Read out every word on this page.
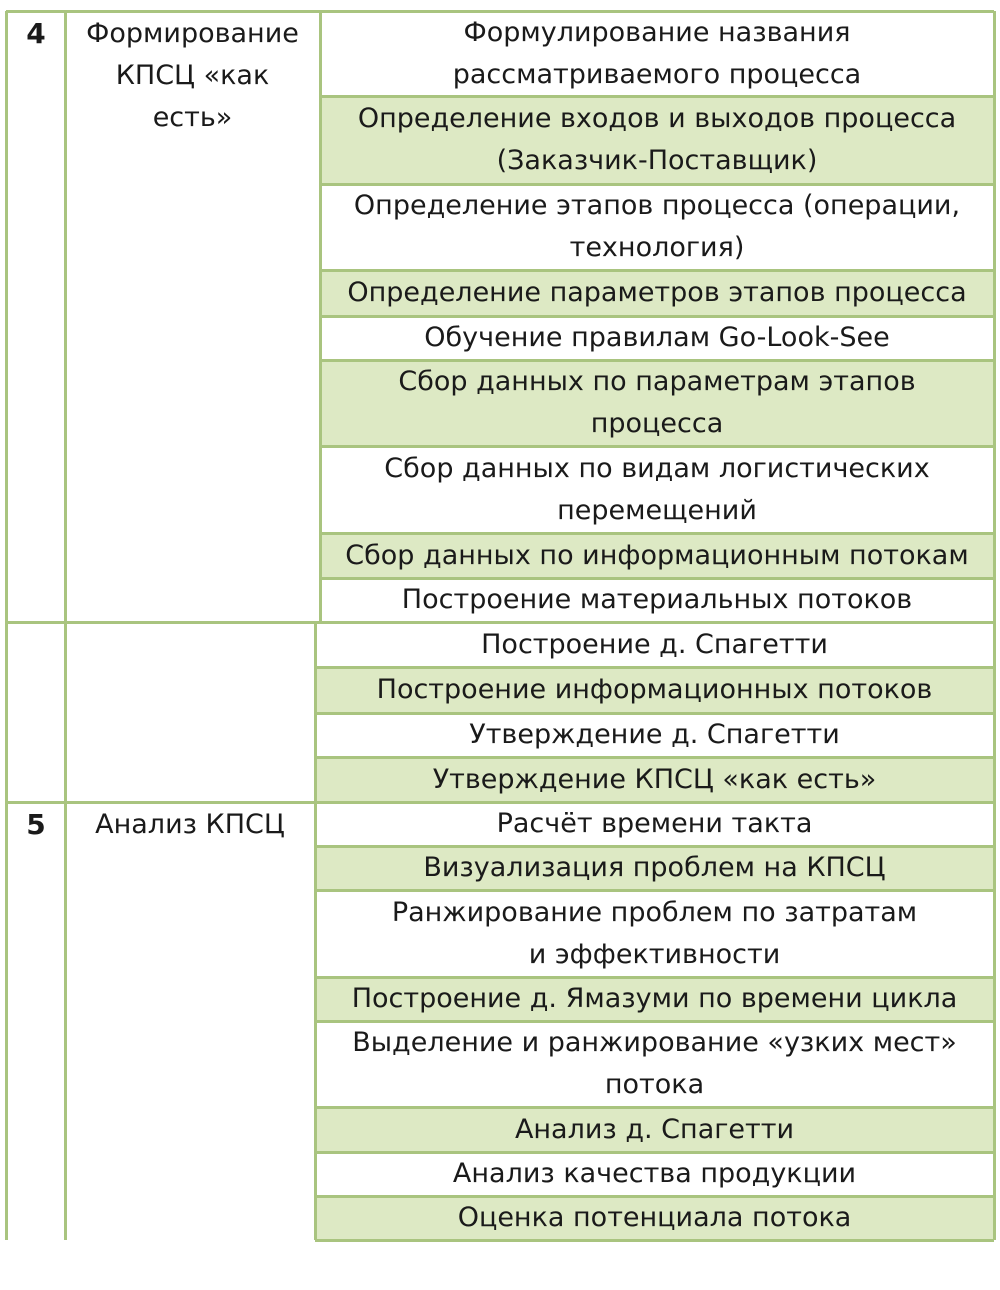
Формулирование названия
рассматриваемого процесса
Определение входов и выходов процесса
(Заказчик-Поставщик)
Определение этапов процесса (операции,
технология)
Определение параметров этапов процесса
Обучение правилам Go-Look-See
Сбор данных по параметрам этапов
процесса
Сбор данных по видам логистических
перемещений
Сбор данных по информационным потокам
Построение материальных потоков
4	Формирование
КПСЦ «как
есть»
Построение д. Спагетти
Построение информационных потоков
Утверждение д. Спагетти
Утверждение КПСЦ «как есть»
Расчёт времени такта
Визуализация проблем на КПСЦ
Ранжирование проблем по затратам
и эффективности
Построение д. Ямазуми по времени цикла
Выделение и ранжирование «узких мест»
потока
Анализ д. Спагетти
Анализ качества продукции
Оценка потенциала потока
5	Анализ КПСЦ
